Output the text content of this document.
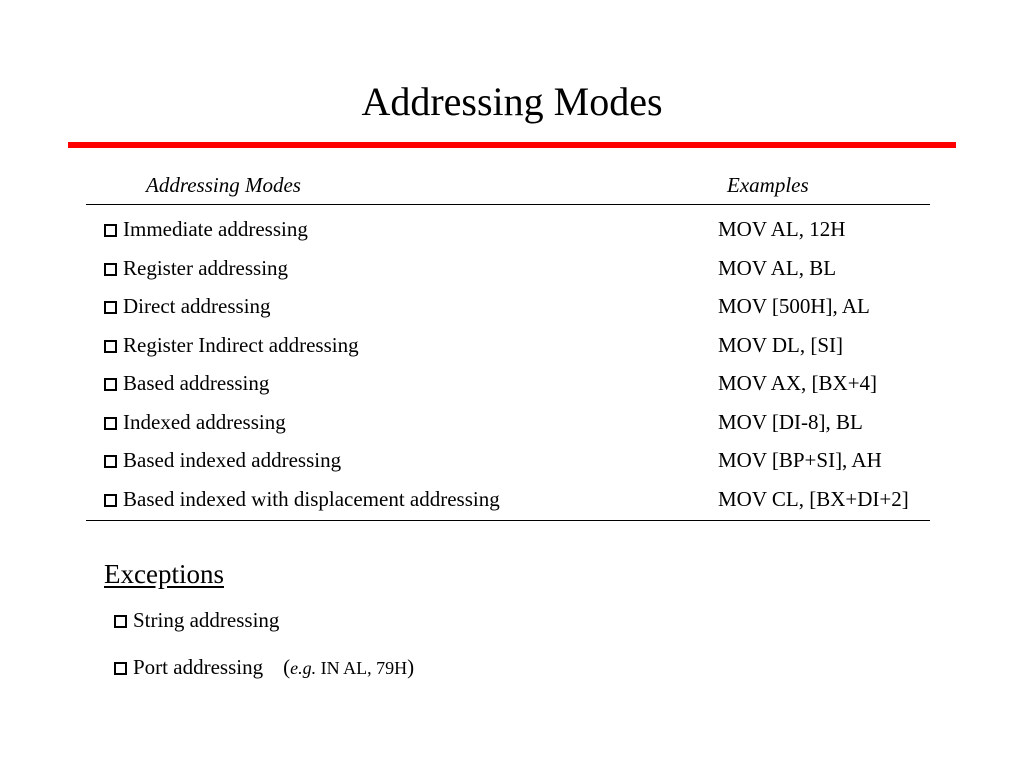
Addressing Modes
Addressing Modes	Examples
Immediate addressing	MOV AL, 12H
Register addressing	MOV AL, BL
Direct addressing	MOV [500H], AL
Register Indirect addressing	MOV DL, [SI]
Based addressing	MOV AX, [BX+4]
Indexed addressing	MOV [DI-8], BL
Based indexed addressing	MOV [BP+SI], AH
Based indexed with displacement addressing	MOV CL, [BX+DI+2]
Exceptions
String addressing
Port addressing (e.g. IN AL, 79H)
